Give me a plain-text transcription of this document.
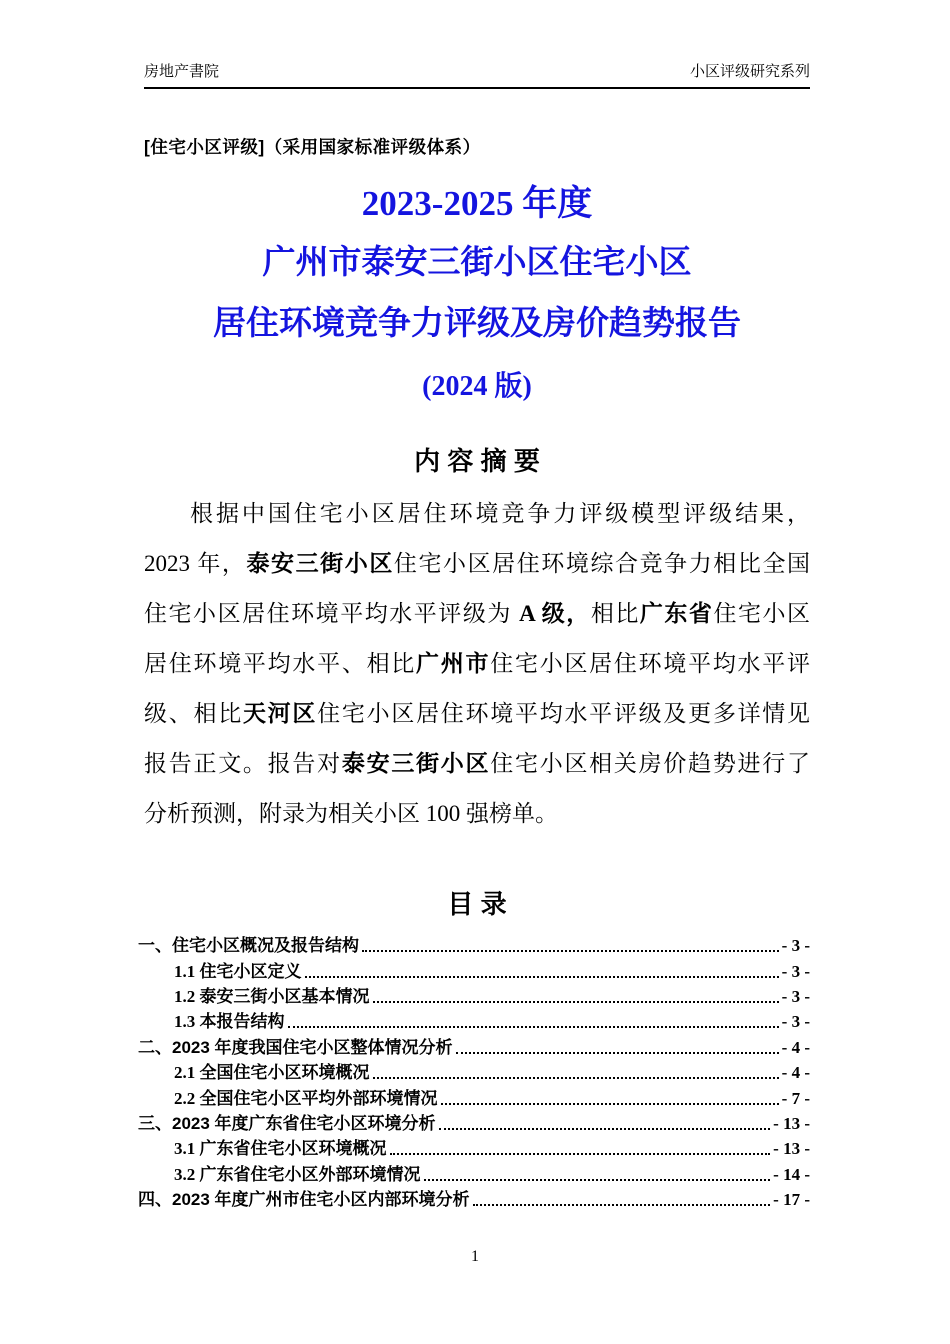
房地产書院	小区评级研究系列
[住宅小区评级]（采用国家标准评级体系）
2023-2025 年度
广州市泰安三街小区住宅小区
居住环境竞争力评级及房价趋势报告
(2024 版)
内 容 摘 要
根据中国住宅小区居住环境竞争力评级模型评级结果，
2023 年，泰安三街小区住宅小区居住环境综合竞争力相比全国
住宅小区居住环境平均水平评级为 A 级，相比广东省住宅小区
居住环境平均水平、相比广州市住宅小区居住环境平均水平评
级、相比天河区住宅小区居住环境平均水平评级及更多详情见
报告正文。报告对泰安三街小区住宅小区相关房价趋势进行了
分析预测，附录为相关小区 100 强榜单。
目 录
一、住宅小区概况及报告结构	- 3 -
1.1 住宅小区定义	- 3 -
1.2 泰安三街小区基本情况	- 3 -
1.3 本报告结构	- 3 -
二、2023 年度我国住宅小区整体情况分析	- 4 -
2.1 全国住宅小区环境概况	- 4 -
2.2 全国住宅小区平均外部环境情况	- 7 -
三、2023 年度广东省住宅小区环境分析	- 13 -
3.1 广东省住宅小区环境概况	- 13 -
3.2 广东省住宅小区外部环境情况	- 14 -
四、2023 年度广州市住宅小区内部环境分析	- 17 -
1
